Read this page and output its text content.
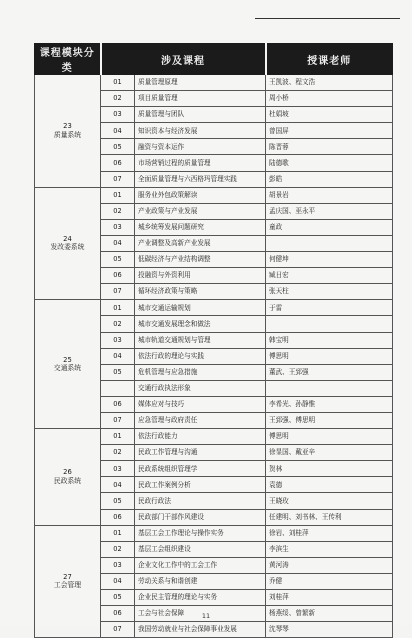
课程模块分类	涉及课程		授课老师

23
质量系统	01	质量管理原理	王凯波、程文浩
	02	项目质量管理	周小桥
	03	质量管理与团队	杜娟坡
	04	知识资本与经济发展	曾国屏
	05	融资与资本运作	陈晋蓉
	06	市场营销过程的质量管理	陆德歌
	07	全面质量管理与六西格玛管理实践	彭皓

24
发改委系统	01	服务业外包政策解读	胡景岩
	02	产业政策与产业发展	孟庆国、巫永平
	03	城乡统筹发展问题研究	童政
	04	产业调整及高新产业发展	
	05	低碳经济与产业结构调整	何健坤
	06	投融资与外资利用	臧日宏
	07	循环经济政策与策略	张天柱

25
交通系统	01	城市交通运输规划	于雷
	02	城市交通发展理念和做法	
	03	城市轨道交通规划与管理	韩宝明
	04	依法行政的理论与实践	傅思明
	05	危机管理与应急措施	董武、王郅强
		交通行政执法形象	
	06	媒体应对与技巧	李希光、孙静惟
	07	应急管理与政府责任	王郅强、傅思明

26
民政系统	01	依法行政能力	傅思明
	02	民政工作管理与沟通	徐显国、戴亚辛
	03	民政系统组织管理学	贺林
	04	民政工作案例分析	袁德
	05	民政行政法	王晓玫
	06	民政部门干部作风建设	任建明、刘书林、王传利

27
工会管理	01	基层工会工作理论与操作实务	徐岩、刘桂萍
	02	基层工会组织建设	李滨生
	03	企业文化工作中的工会工作	黄河涛
	04	劳动关系与和谐创建	乔健
	05	企业民主管理的理论与实务	刘桂萍
	06	工会与社会保障	杨燕绥、曾繁新
	07	我国劳动就业与社会保障事业发展	沈琴琴
11
